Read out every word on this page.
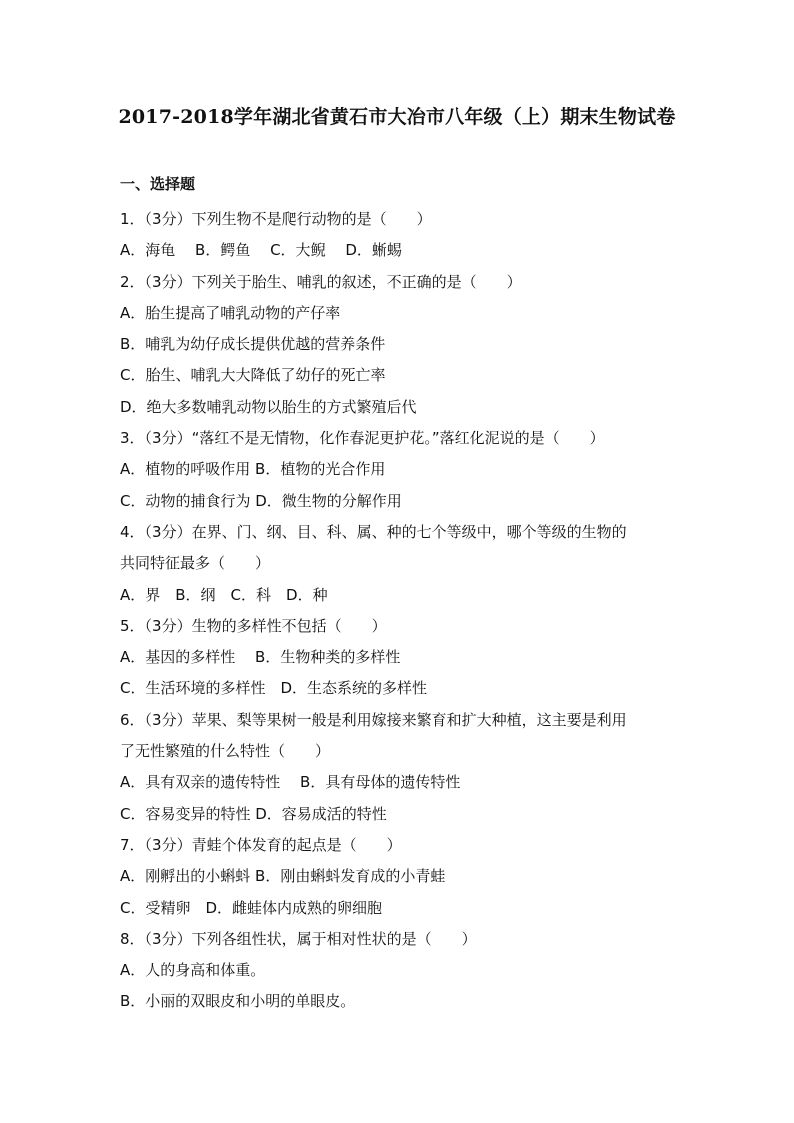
2017-2018学年湖北省黄石市大冶市八年级（上）期末生物试卷
一、选择题
1．（3分）下列生物不是爬行动物的是（　　）
A．海龟　 B．鳄鱼　 C．大鲵　 D．蜥蜴
2．（3分）下列关于胎生、哺乳的叙述，不正确的是（　　）
A．胎生提高了哺乳动物的产仔率
B．哺乳为幼仔成长提供优越的营养条件
C．胎生、哺乳大大降低了幼仔的死亡率
D．绝大多数哺乳动物以胎生的方式繁殖后代
3．（3分）“落红不是无情物，化作春泥更护花。”落红化泥说的是（　　）
A．植物的呼吸作用 B．植物的光合作用
C．动物的捕食行为 D．微生物的分解作用
4．（3分）在界、门、纲、目、科、属、种的七个等级中，哪个等级的生物的
共同特征最多（　　）
A．界　B．纲　C．科　D．种
5．（3分）生物的多样性不包括（　　）
A．基因的多样性　 B．生物种类的多样性
C．生活环境的多样性　D．生态系统的多样性
6．（3分）苹果、梨等果树一般是利用嫁接来繁育和扩大种植，这主要是利用
了无性繁殖的什么特性（　　）
A．具有双亲的遗传特性　 B．具有母体的遗传特性
C．容易变异的特性 D．容易成活的特性
7．（3分）青蛙个体发育的起点是（　　）
A．刚孵出的小蝌蚪 B．刚由蝌蚪发育成的小青蛙
C．受精卵　D．雌蛙体内成熟的卵细胞
8．（3分）下列各组性状，属于相对性状的是（　　）
A．人的身高和体重。
B．小丽的双眼皮和小明的单眼皮。
